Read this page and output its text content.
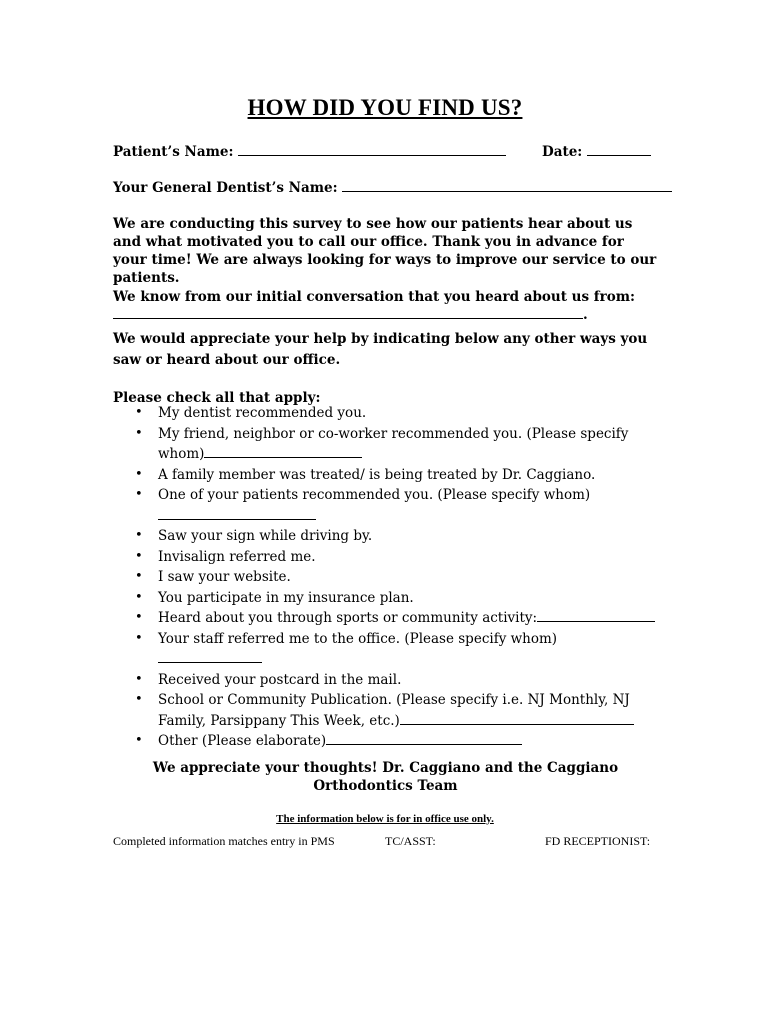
HOW DID YOU FIND US?
Patient’s Name:	Date:
Your General Dentist’s Name:
We are conducting this survey to see how our patients hear about us and what motivated you to call our office. Thank you in advance for your time! We are always looking for ways to improve our service to our patients.
We know from our initial conversation that you heard about us from:
.
We would appreciate your help by indicating below any other ways you saw or heard about our office.
Please check all that apply:
• My dentist recommended you.
• My friend, neighbor or co-worker recommended you. (Please specify whom)
• A family member was treated/ is being treated by Dr. Caggiano.
• One of your patients recommended you. (Please specify whom)
• Saw your sign while driving by.
• Invisalign referred me.
• I saw your website.
• You participate in my insurance plan.
• Heard about you through sports or community activity:
• Your staff referred me to the office. (Please specify whom)
• Received your postcard in the mail.
• School or Community Publication. (Please specify i.e. NJ Monthly, NJ Family, Parsippany This Week, etc.)
• Other (Please elaborate)
We appreciate your thoughts! Dr. Caggiano and the Caggiano Orthodontics Team
The information below is for in office use only.
Completed information matches entry in PMS	TC/ASST:	FD RECEPTIONIST:
